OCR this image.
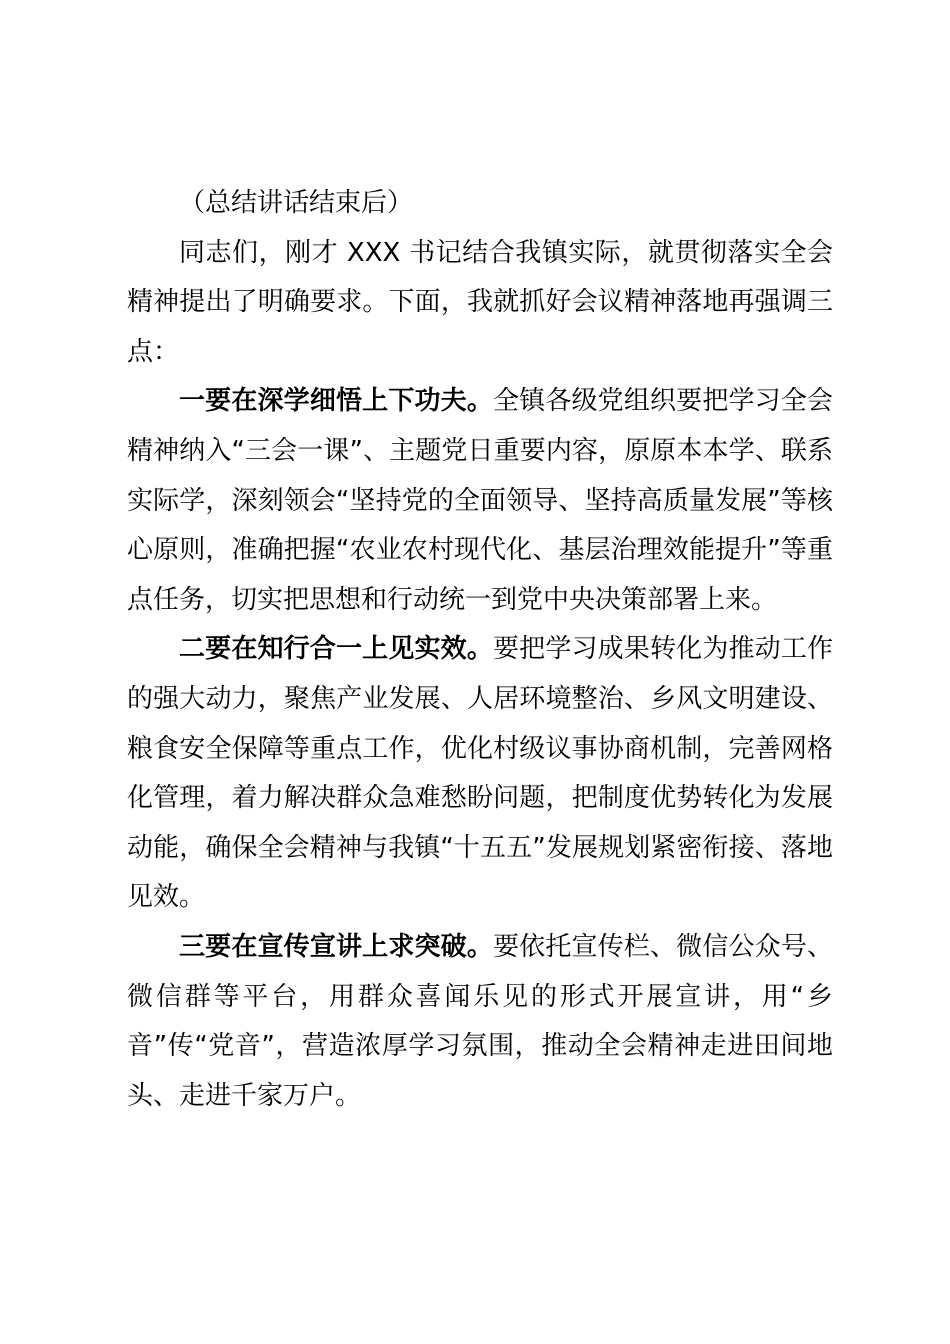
（总结讲话结束后）

同志们，刚才 XXX 书记结合我镇实际，就贯彻落实全会精神提出了明确要求。下面，我就抓好会议精神落地再强调三点：

一要在深学细悟上下功夫。全镇各级党组织要把学习全会精神纳入“三会一课”、主题党日重要内容，原原本本学、联系实际学，深刻领会“坚持党的全面领导、坚持高质量发展”等核心原则，准确把握“农业农村现代化、基层治理效能提升”等重点任务，切实把思想和行动统一到党中央决策部署上来。

二要在知行合一上见实效。要把学习成果转化为推动工作的强大动力，聚焦产业发展、人居环境整治、乡风文明建设、粮食安全保障等重点工作，优化村级议事协商机制，完善网格化管理，着力解决群众急难愁盼问题，把制度优势转化为发展动能，确保全会精神与我镇“十五五”发展规划紧密衔接、落地见效。

三要在宣传宣讲上求突破。要依托宣传栏、微信公众号、微信群等平台，用群众喜闻乐见的形式开展宣讲，用“乡音”传“党音”，营造浓厚学习氛围，推动全会精神走进田间地头、走进千家万户。
